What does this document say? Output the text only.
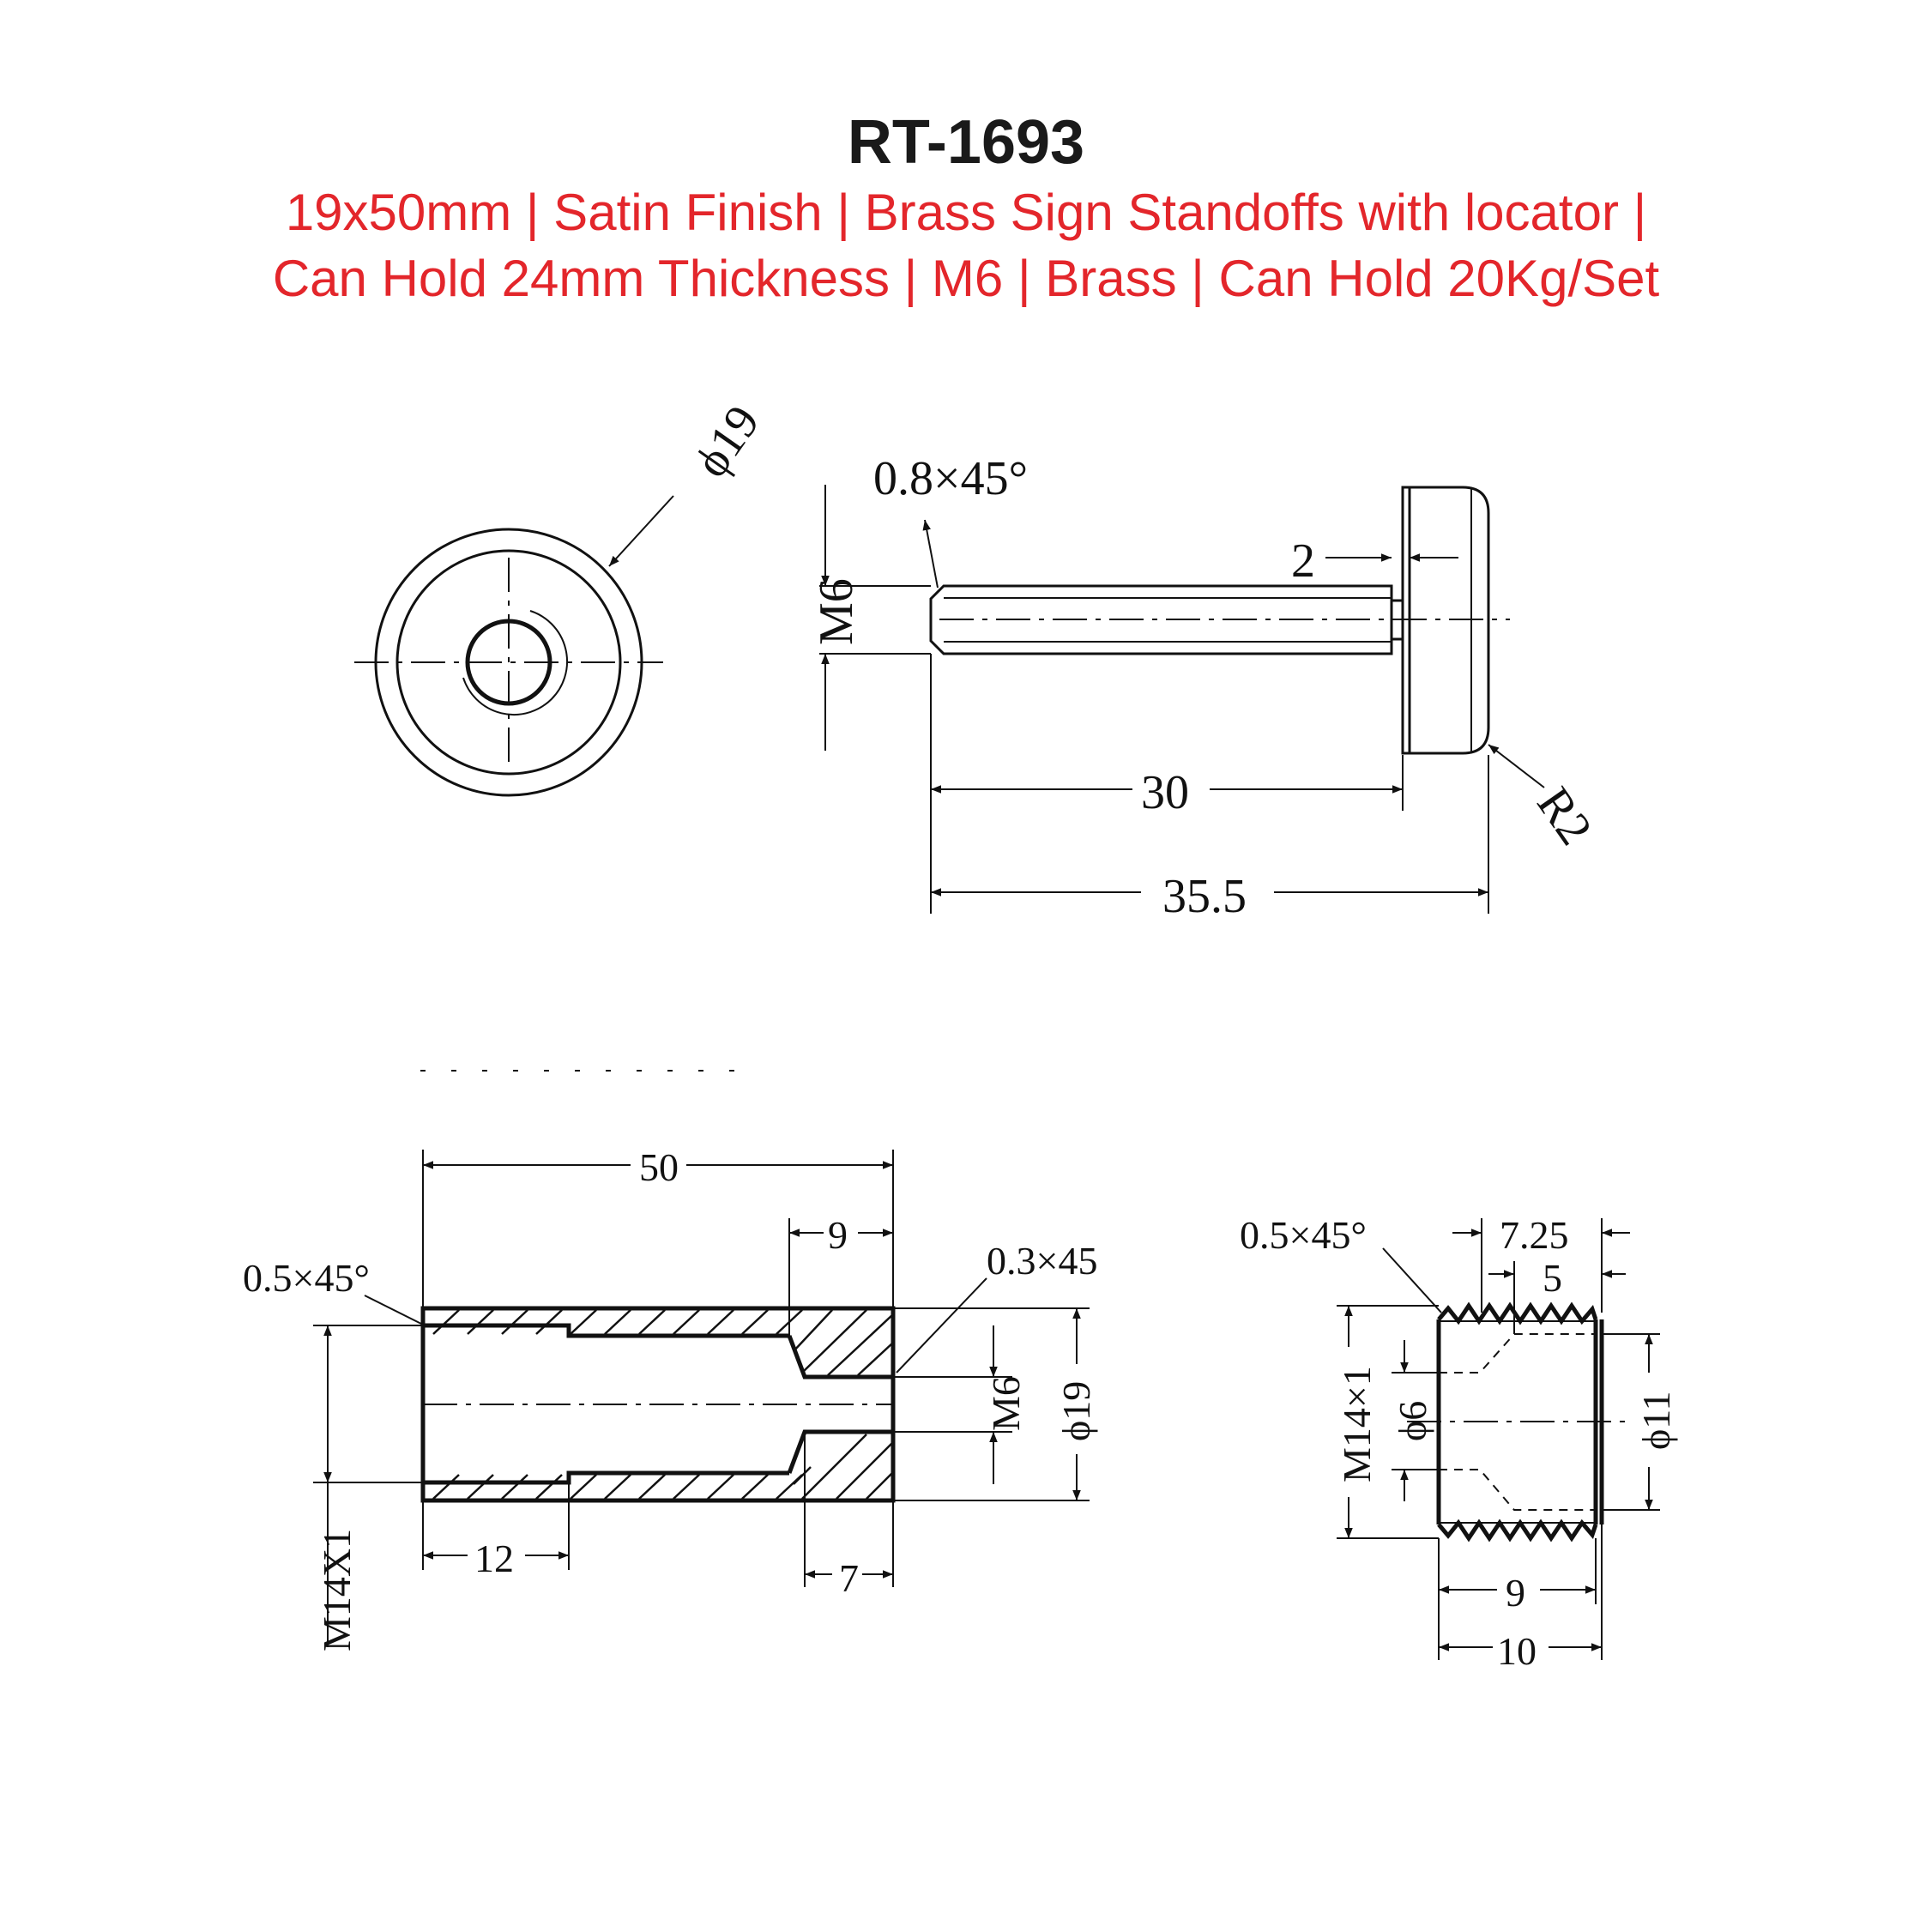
RT-1693
19x50mm | Satin Finish | Brass Sign Standoffs with locator |
Can Hold 24mm Thickness | M6 | Brass | Can Hold 20Kg/Set
ϕ19
M6
0.8×45°
2
30
35.5
R2
50
9
0.5×45°	0.3×45
M6 ϕ19
12	7
M14X1
0.5×45°	7.25
5
M14×1 ϕ6	ϕ11
9
10
